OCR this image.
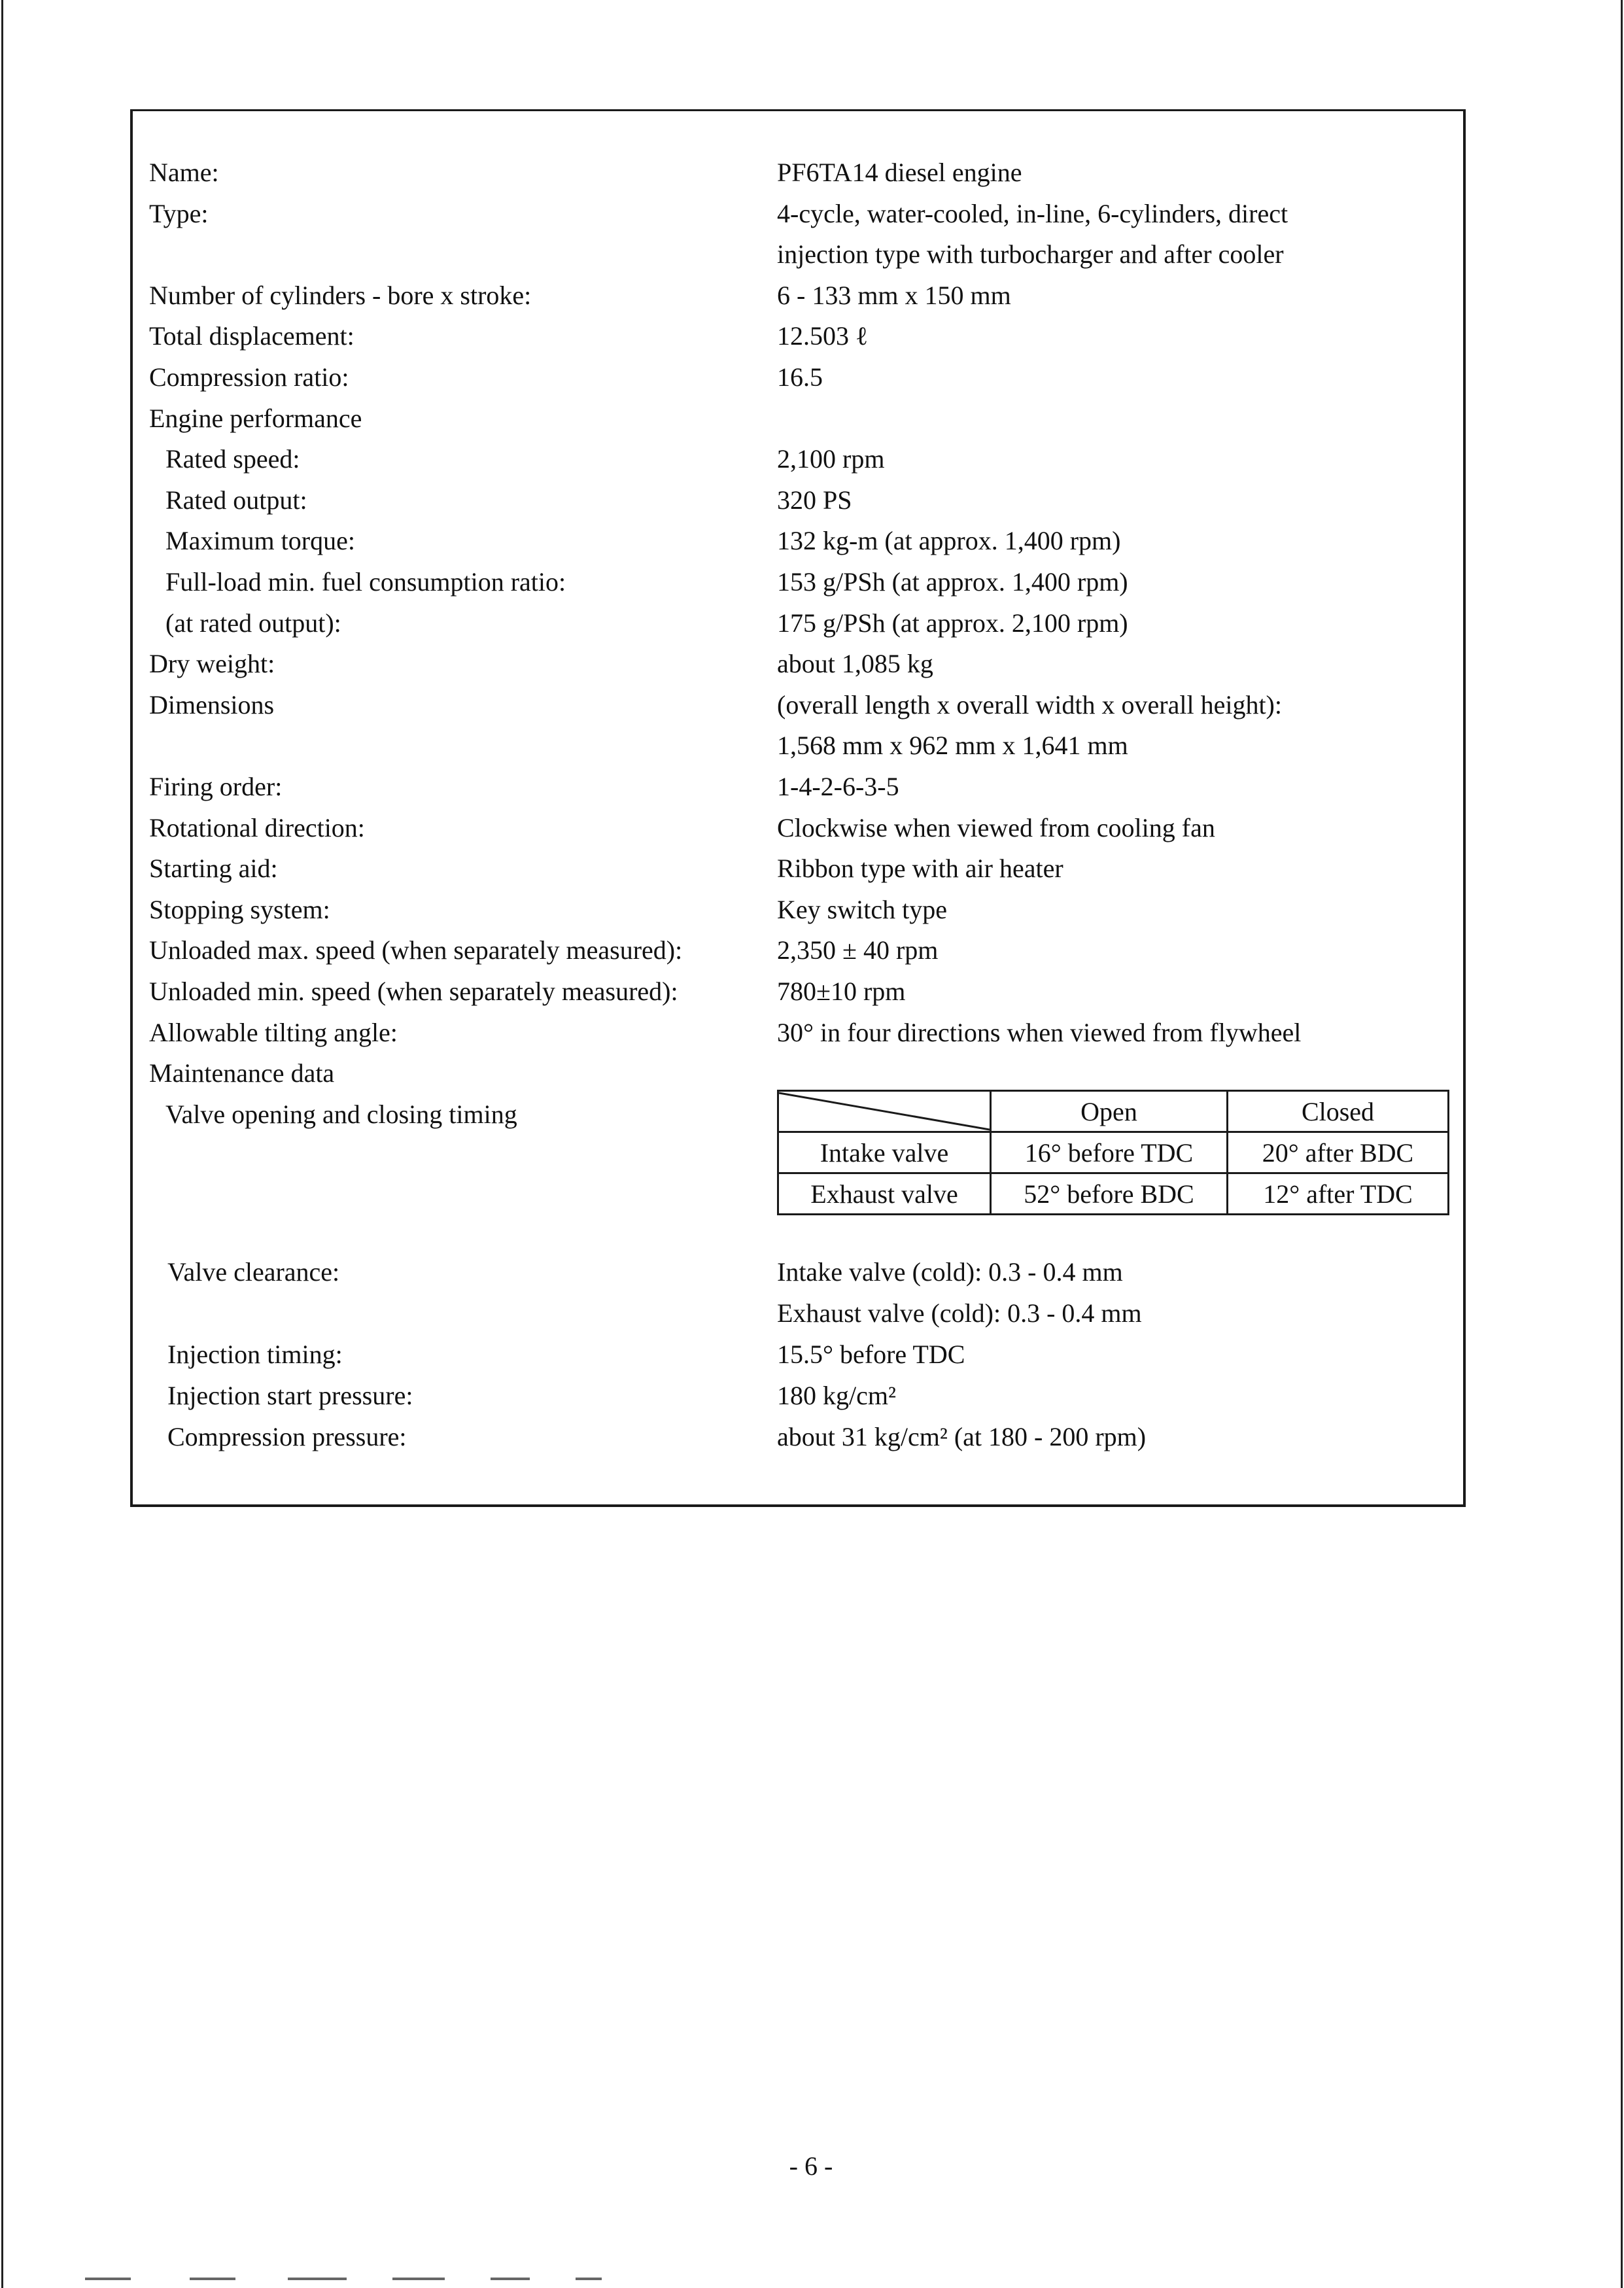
Name:	PF6TA14 diesel engine
Type:	4-cycle, water-cooled, in-line, 6-cylinders, direct
injection type with turbocharger and after cooler
Number of cylinders - bore x stroke:	6 - 133 mm x 150 mm
Total displacement:	12.503 ℓ
Compression ratio:	16.5
Engine performance
Rated speed:	2,100 rpm
Rated output:	320 PS
Maximum torque:	132 kg-m (at approx. 1,400 rpm)
Full-load min. fuel consumption ratio:	153 g/PSh (at approx. 1,400 rpm)
(at rated output):	175 g/PSh (at approx. 2,100 rpm)
Dry weight:	about 1,085 kg
Dimensions	(overall length x overall width x overall height):
1,568 mm x 962 mm x 1,641 mm
Firing order:	1-4-2-6-3-5
Rotational direction:	Clockwise when viewed from cooling fan
Starting aid:	Ribbon type with air heater
Stopping system:	Key switch type
Unloaded max. speed (when separately measured):	2,350 ± 40 rpm
Unloaded min. speed (when separately measured):	780±10 rpm
Allowable tilting angle:	30° in four directions when viewed from flywheel
Maintenance data
Valve opening and closing timing
		Open	Closed
Intake valve	16° before TDC	20° after BDC
Exhaust valve	52° before BDC	12° after TDC
Valve clearance:	Intake valve (cold): 0.3 - 0.4 mm
Exhaust valve (cold): 0.3 - 0.4 mm
Injection timing:	15.5° before TDC
Injection start pressure:	180 kg/cm²
Compression pressure:	about 31 kg/cm² (at 180 - 200 rpm)
- 6 -
